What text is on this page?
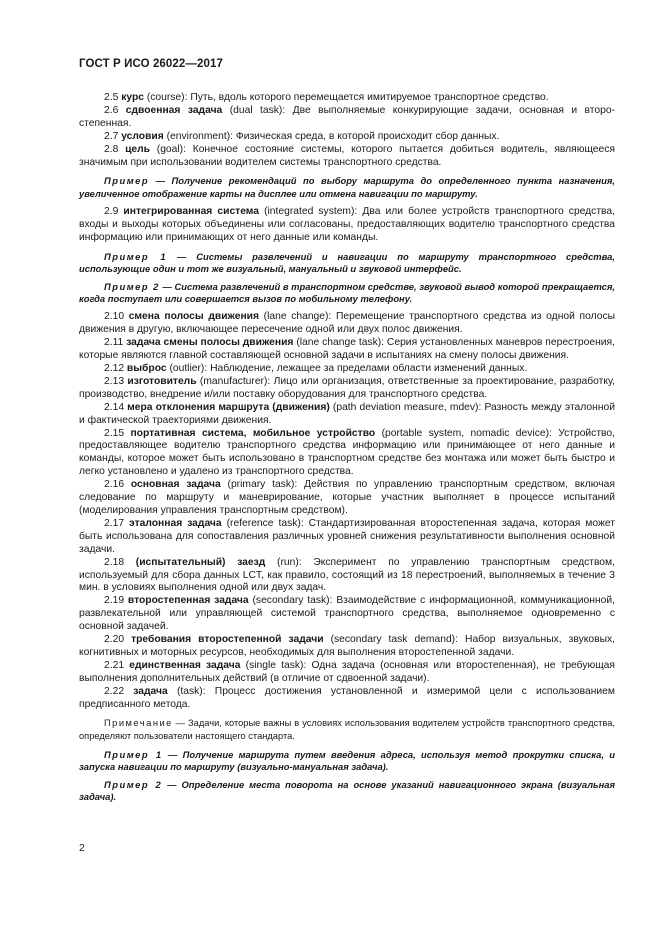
ГОСТ Р ИСО 26022—2017

2.5 курс (course): Путь, вдоль которого перемещается имитируемое транспортное средство.

2.6 сдвоенная задача (dual task): Две выполняемые конкурирующие задачи, основная и второ-степенная.

2.7 условия (environment): Физическая среда, в которой происходит сбор данных.

2.8 цель (goal): Конечное состояние системы, которого пытается добиться водитель, являющееся значимым при использовании водителем системы транспортного средства.

Пример — Получение рекомендаций по выбору маршрута до определенного пункта назначения, увеличенное отображение карты на дисплее или отмена навигации по маршруту.

2.9 интегрированная система (integrated system): Два или более устройств транспортного средства, входы и выходы которых объединены или согласованы, предоставляющих водителю транспортного средства информацию или принимающих от него данные или команды.

Пример 1 — Системы развлечений и навигации по маршруту транспортного средства, использующие один и тот же визуальный, мануальный и звуковой интерфейс.

Пример 2 — Система развлечений в транспортном средстве, звуковой вывод которой прекращается, когда поступает или совершается вызов по мобильному телефону.

2.10 смена полосы движения (lane change): Перемещение транспортного средства из одной полосы движения в другую, включающее пересечение одной или двух полос движения.

2.11 задача смены полосы движения (lane change task): Серия установленных маневров перестроения, которые являются главной составляющей основной задачи в испытаниях на смену полосы движения.

2.12 выброс (outlier): Наблюдение, лежащее за пределами области изменений данных.

2.13 изготовитель (manufacturer): Лицо или организация, ответственные за проектирование, разработку, производство, внедрение и/или поставку оборудования для транспортного средства.

2.14 мера отклонения маршрута (движения) (path deviation measure, mdev): Разность между эталонной и фактической траекториями движения.

2.15 портативная система, мобильное устройство (portable system, nomadic device): Устройство, предоставляющее водителю транспортного средства информацию или принимающее от него данные и команды, которое может быть использовано в транспортном средстве без монтажа или может быть быстро и легко установлено и удалено из транспортного средства.

2.16 основная задача (primary task): Действия по управлению транспортным средством, включая следование по маршруту и маневрирование, которые участник выполняет в процессе испытаний (моделирования управления транспортным средством).

2.17 эталонная задача (reference task): Стандартизированная второстепенная задача, которая может быть использована для сопоставления различных уровней снижения результативности выполнения основной задачи.

2.18 (испытательный) заезд (run): Эксперимент по управлению транспортным средством, используемый для сбора данных LCT, как правило, состоящий из 18 перестроений, выполняемых в течение 3 мин. в условиях выполнения одной или двух задач.

2.19 второстепенная задача (secondary task): Взаимодействие с информационной, коммуникационной, развлекательной или управляющей системой транспортного средства, выполняемое одновременно с основной задачей.

2.20 требования второстепенной задачи (secondary task demand): Набор визуальных, звуковых, когнитивных и моторных ресурсов, необходимых для выполнения второстепенной задачи.

2.21 единственная задача (single task): Одна задача (основная или второстепенная), не требующая выполнения дополнительных действий (в отличие от сдвоенной задачи).

2.22 задача (task): Процесс достижения установленной и измеримой цели с использованием предписанного метода.

Примечание — Задачи, которые важны в условиях использования водителем устройств транспортного средства, определяют пользователи настоящего стандарта.

Пример 1 — Получение маршрута путем введения адреса, используя метод прокрутки списка, и запуска навигации по маршруту (визуально-мануальная задача).

Пример 2 — Определение места поворота на основе указаний навигационного экрана (визуальная задача).

2
